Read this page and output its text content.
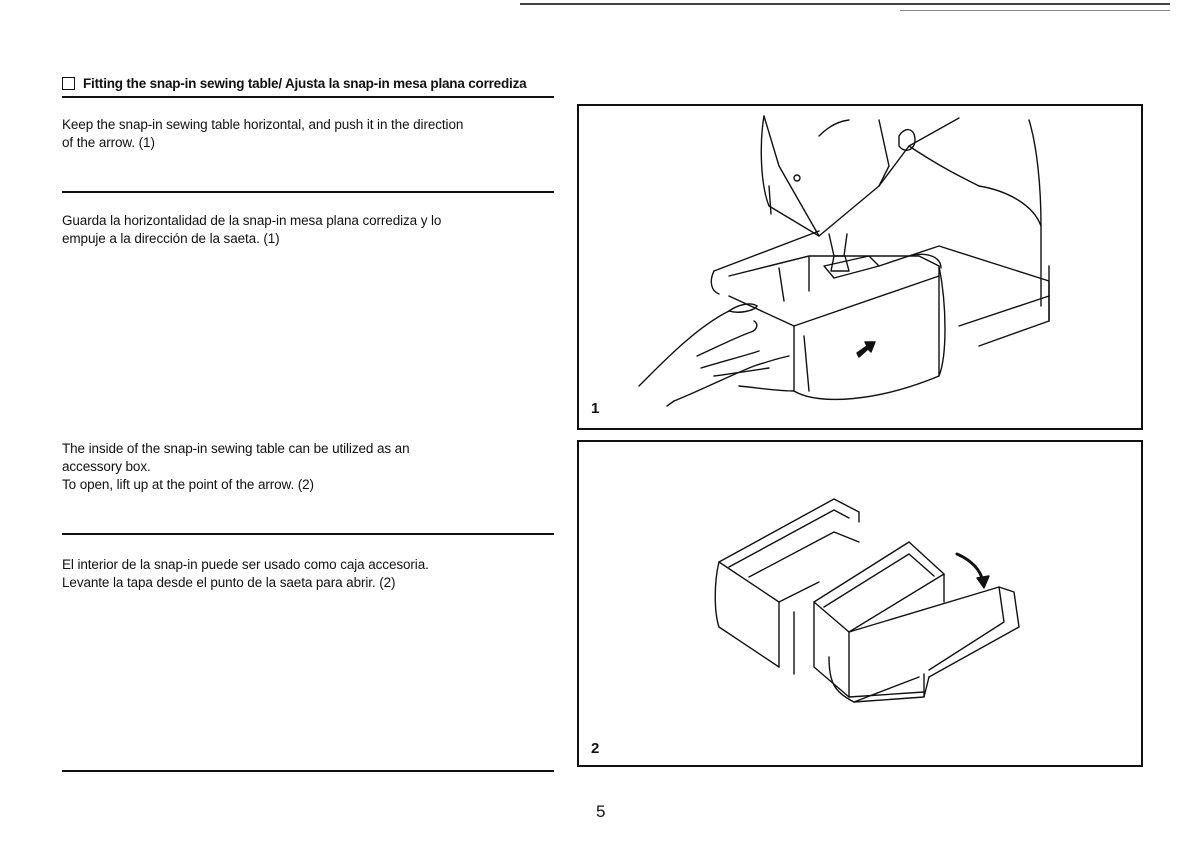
Fitting the snap-in sewing table/ Ajusta la snap-in mesa plana corrediza
Keep the snap-in sewing table horizontal, and push it in the direction
of the arrow. (1)
Guarda la horizontalidad de la snap-in mesa plana corrediza y lo
empuje a la dirección de la saeta. (1)
The inside of the snap-in sewing table can be utilized as an
accessory box.
To open, lift up at the point of the arrow. (2)
El interior de la snap-in puede ser usado como caja accesoria.
Levante la tapa desde el punto de la saeta para abrir. (2)
1
2
5
